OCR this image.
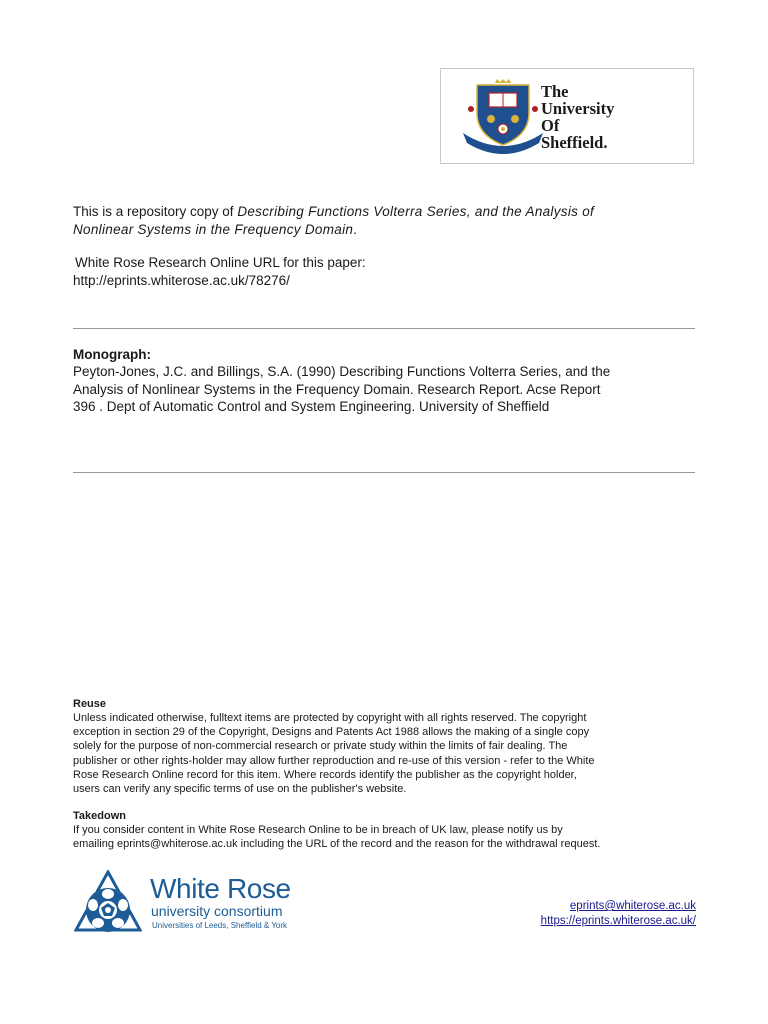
The
University
Of
Sheffield.
This is a repository copy of Describing Functions Volterra Series, and the Analysis of
Nonlinear Systems in the Frequency Domain.
White Rose Research Online URL for this paper:
http://eprints.whiterose.ac.uk/78276/
Monograph:
Peyton-Jones, J.C. and Billings, S.A. (1990) Describing Functions Volterra Series, and the
Analysis of Nonlinear Systems in the Frequency Domain. Research Report. Acse Report
396 . Dept of Automatic Control and System Engineering. University of Sheffield
Reuse
Unless indicated otherwise, fulltext items are protected by copyright with all rights reserved. The copyright
exception in section 29 of the Copyright, Designs and Patents Act 1988 allows the making of a single copy
solely for the purpose of non-commercial research or private study within the limits of fair dealing. The
publisher or other rights-holder may allow further reproduction and re-use of this version - refer to the White
Rose Research Online record for this item. Where records identify the publisher as the copyright holder,
users can verify any specific terms of use on the publisher's website.
Takedown
If you consider content in White Rose Research Online to be in breach of UK law, please notify us by
emailing eprints@whiterose.ac.uk including the URL of the record and the reason for the withdrawal request.
White Rose
university consortium
Universities of Leeds, Sheffield & York
eprints@whiterose.ac.uk
https://eprints.whiterose.ac.uk/
